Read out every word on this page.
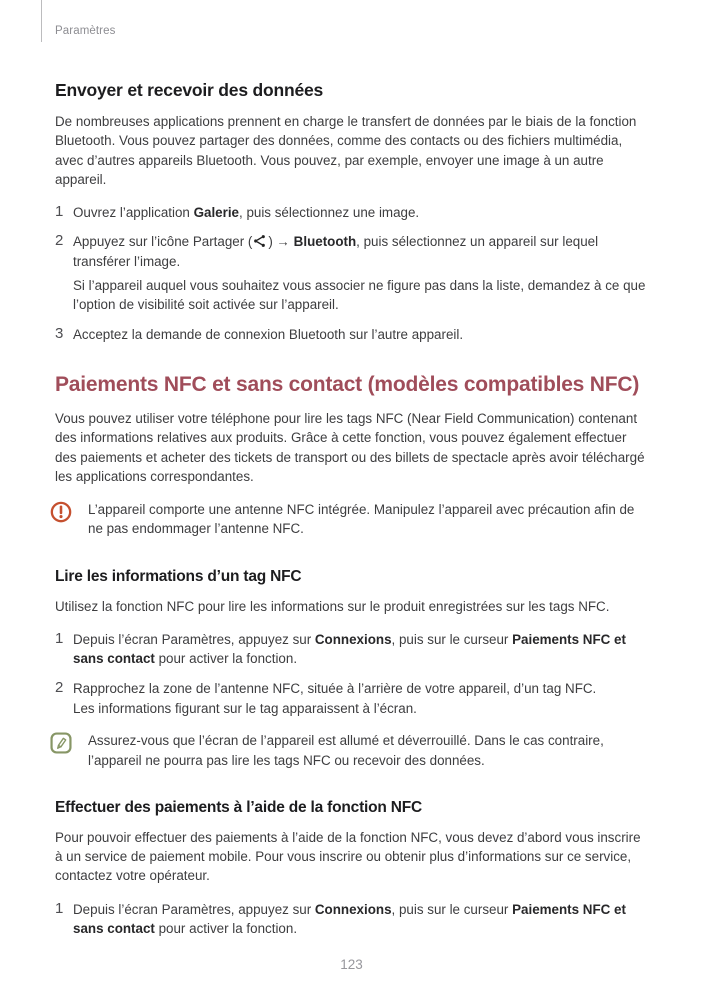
Paramètres
Envoyer et recevoir des données

De nombreuses applications prennent en charge le transfert de données par le biais de la fonction Bluetooth. Vous pouvez partager des données, comme des contacts ou des fichiers multimédia, avec d’autres appareils Bluetooth. Vous pouvez, par exemple, envoyer une image à un autre appareil.

1 Ouvrez l’application Galerie, puis sélectionnez une image.
2 Appuyez sur l’icône Partager ( ) → Bluetooth, puis sélectionnez un appareil sur lequel transférer l’image.
Si l’appareil auquel vous souhaitez vous associer ne figure pas dans la liste, demandez à ce que l’option de visibilité soit activée sur l’appareil.
3 Acceptez la demande de connexion Bluetooth sur l’autre appareil.
Paiements NFC et sans contact (modèles compatibles NFC)

Vous pouvez utiliser votre téléphone pour lire les tags NFC (Near Field Communication) contenant des informations relatives aux produits. Grâce à cette fonction, vous pouvez également effectuer des paiements et acheter des tickets de transport ou des billets de spectacle après avoir téléchargé les applications correspondantes.

L’appareil comporte une antenne NFC intégrée. Manipulez l’appareil avec précaution afin de ne pas endommager l’antenne NFC.
Lire les informations d’un tag NFC

Utilisez la fonction NFC pour lire les informations sur le produit enregistrées sur les tags NFC.

1 Depuis l’écran Paramètres, appuyez sur Connexions, puis sur le curseur Paiements NFC et sans contact pour activer la fonction.
2 Rapprochez la zone de l’antenne NFC, située à l’arrière de votre appareil, d’un tag NFC.
Les informations figurant sur le tag apparaissent à l’écran.
Assurez-vous que l’écran de l’appareil est allumé et déverrouillé. Dans le cas contraire, l’appareil ne pourra pas lire les tags NFC ou recevoir des données.
Effectuer des paiements à l’aide de la fonction NFC

Pour pouvoir effectuer des paiements à l’aide de la fonction NFC, vous devez d’abord vous inscrire à un service de paiement mobile. Pour vous inscrire ou obtenir plus d’informations sur ce service, contactez votre opérateur.

1 Depuis l’écran Paramètres, appuyez sur Connexions, puis sur le curseur Paiements NFC et sans contact pour activer la fonction.
123
